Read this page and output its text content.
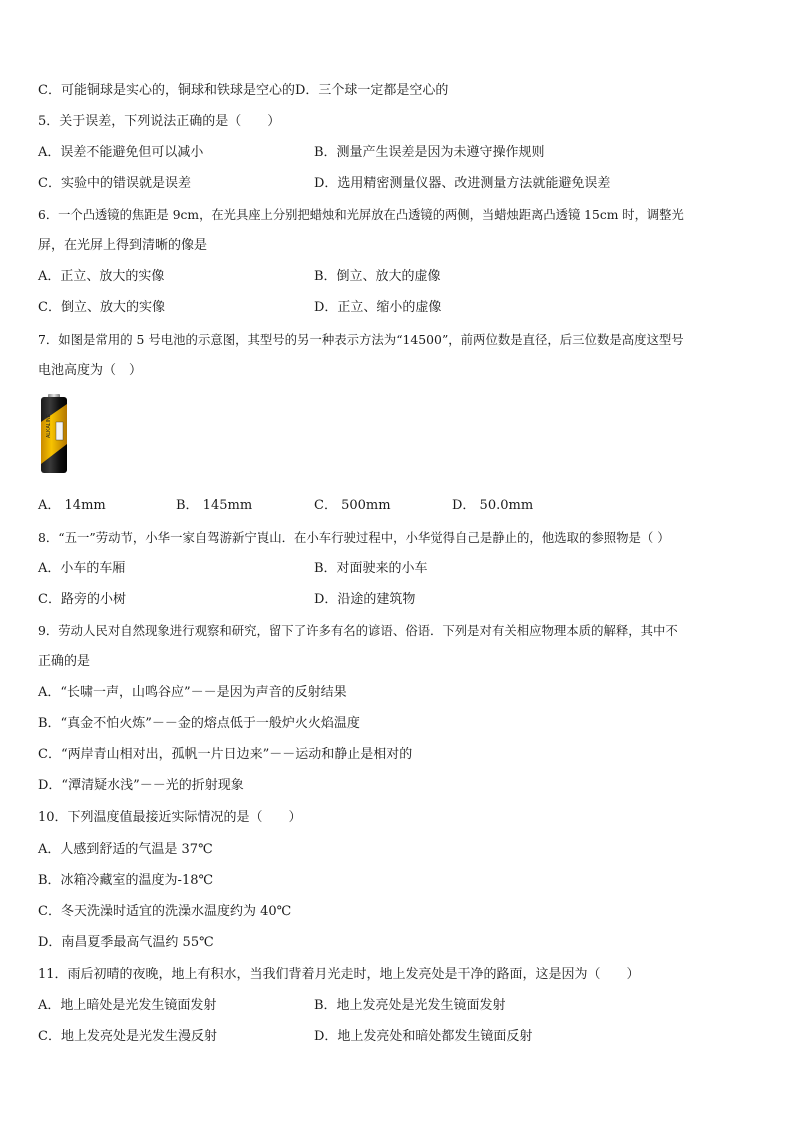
C．可能铜球是实心的，铜球和铁球是空心的D．三个球一定都是空心的
5．关于误差，下列说法正确的是（　　）
A．误差不能避免但可以减小	B．测量产生误差是因为未遵守操作规则
C．实验中的错误就是误差	D．选用精密测量仪器、改进测量方法就能避免误差
6．一个凸透镜的焦距是 9cm，在光具座上分别把蜡烛和光屏放在凸透镜的两侧，当蜡烛距离凸透镜 15cm 时，调整光
屏，在光屏上得到清晰的像是
A．正立、放大的实像	B．倒立、放大的虚像
C．倒立、放大的实像	D．正立、缩小的虚像
7．如图是常用的 5 号电池的示意图，其型号的另一种表示方法为“14500”，前两位数是直径，后三位数是高度这型号
电池高度为（　）
ALKALINE
A． 14mm	B． 145mm	C． 500mm	D． 50.0mm
8．“五一”劳动节，小华一家自驾游新宁崀山．在小车行驶过程中，小华觉得自己是静止的，他选取的参照物是（ ）
A．小车的车厢	B．对面驶来的小车
C．路旁的小树	D．沿途的建筑物
9．劳动人民对自然现象进行观察和研究，留下了许多有名的谚语、俗语．下列是对有关相应物理本质的解释，其中不
正确的是
A．“长啸一声，山鸣谷应”－－是因为声音的反射结果
B．“真金不怕火炼”－－金的熔点低于一般炉火火焰温度
C．“两岸青山相对出，孤帆一片日边来”－－运动和静止是相对的
D．“潭清疑水浅”－－光的折射现象
10．下列温度值最接近实际情况的是（　　）
A．人感到舒适的气温是 37℃
B．冰箱冷藏室的温度为-18℃
C．冬天洗澡时适宜的洗澡水温度约为 40℃
D．南昌夏季最高气温约 55℃
11．雨后初晴的夜晚，地上有积水，当我们背着月光走时，地上发亮处是干净的路面，这是因为（　　）
A．地上暗处是光发生镜面发射	B．地上发亮处是光发生镜面发射
C．地上发亮处是光发生漫反射	D．地上发亮处和暗处都发生镜面反射
